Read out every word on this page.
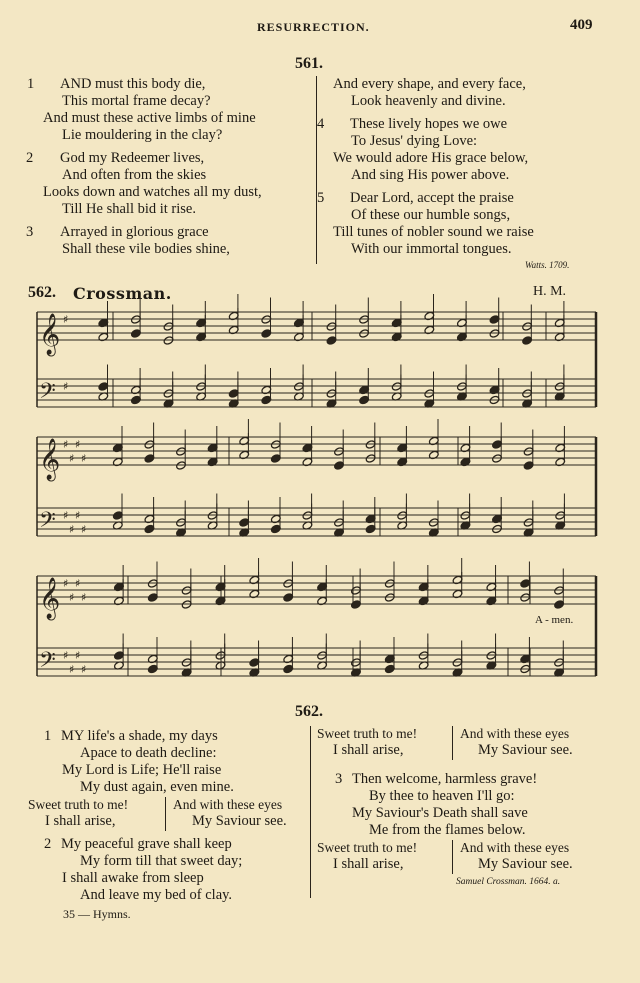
RESURRECTION.	409
561.
1 AND must this body die,
This mortal frame decay?
And must these active limbs of mine
Lie mouldering in the clay?
2 God my Redeemer lives,
And often from the skies
Looks down and watches all my dust,
Till He shall bid it rise.
3 Arrayed in glorious grace
Shall these vile bodies shine,
And every shape, and every face,
Look heavenly and divine.
4 These lively hopes we owe
To Jesus' dying Love:
We would adore His grace below,
And sing His power above.
5 Dear Lord, accept the praise
Of these our humble songs,
Till tunes of nobler sound we raise
With our immortal tongues.
Watts. 1709.
562. Crossman.	H. M.
𝄞 ♯
𝄢 ♯
𝄞 ♯
♯
♯
♯
𝄢 ♯
♯
♯
♯
𝄞 ♯
♯
♯
♯
𝄢 ♯
♯
♯
♯
A - men.
562.
1 MY life's a shade, my days
Apace to death decline:
My Lord is Life; He'll raise
My dust again, even mine.
Sweet truth to me!
I shall arise,
And with these eyes
My Saviour see.
2 My peaceful grave shall keep
My form till that sweet day;
I shall awake from sleep
And leave my bed of clay.
35 — Hymns.
Sweet truth to me!
I shall arise,
And with these eyes
My Saviour see.
3 Then welcome, harmless grave!
By thee to heaven I'll go:
My Saviour's Death shall save
Me from the flames below.
Sweet truth to me!
I shall arise,
And with these eyes
My Saviour see.
Samuel Crossman. 1664. a.
